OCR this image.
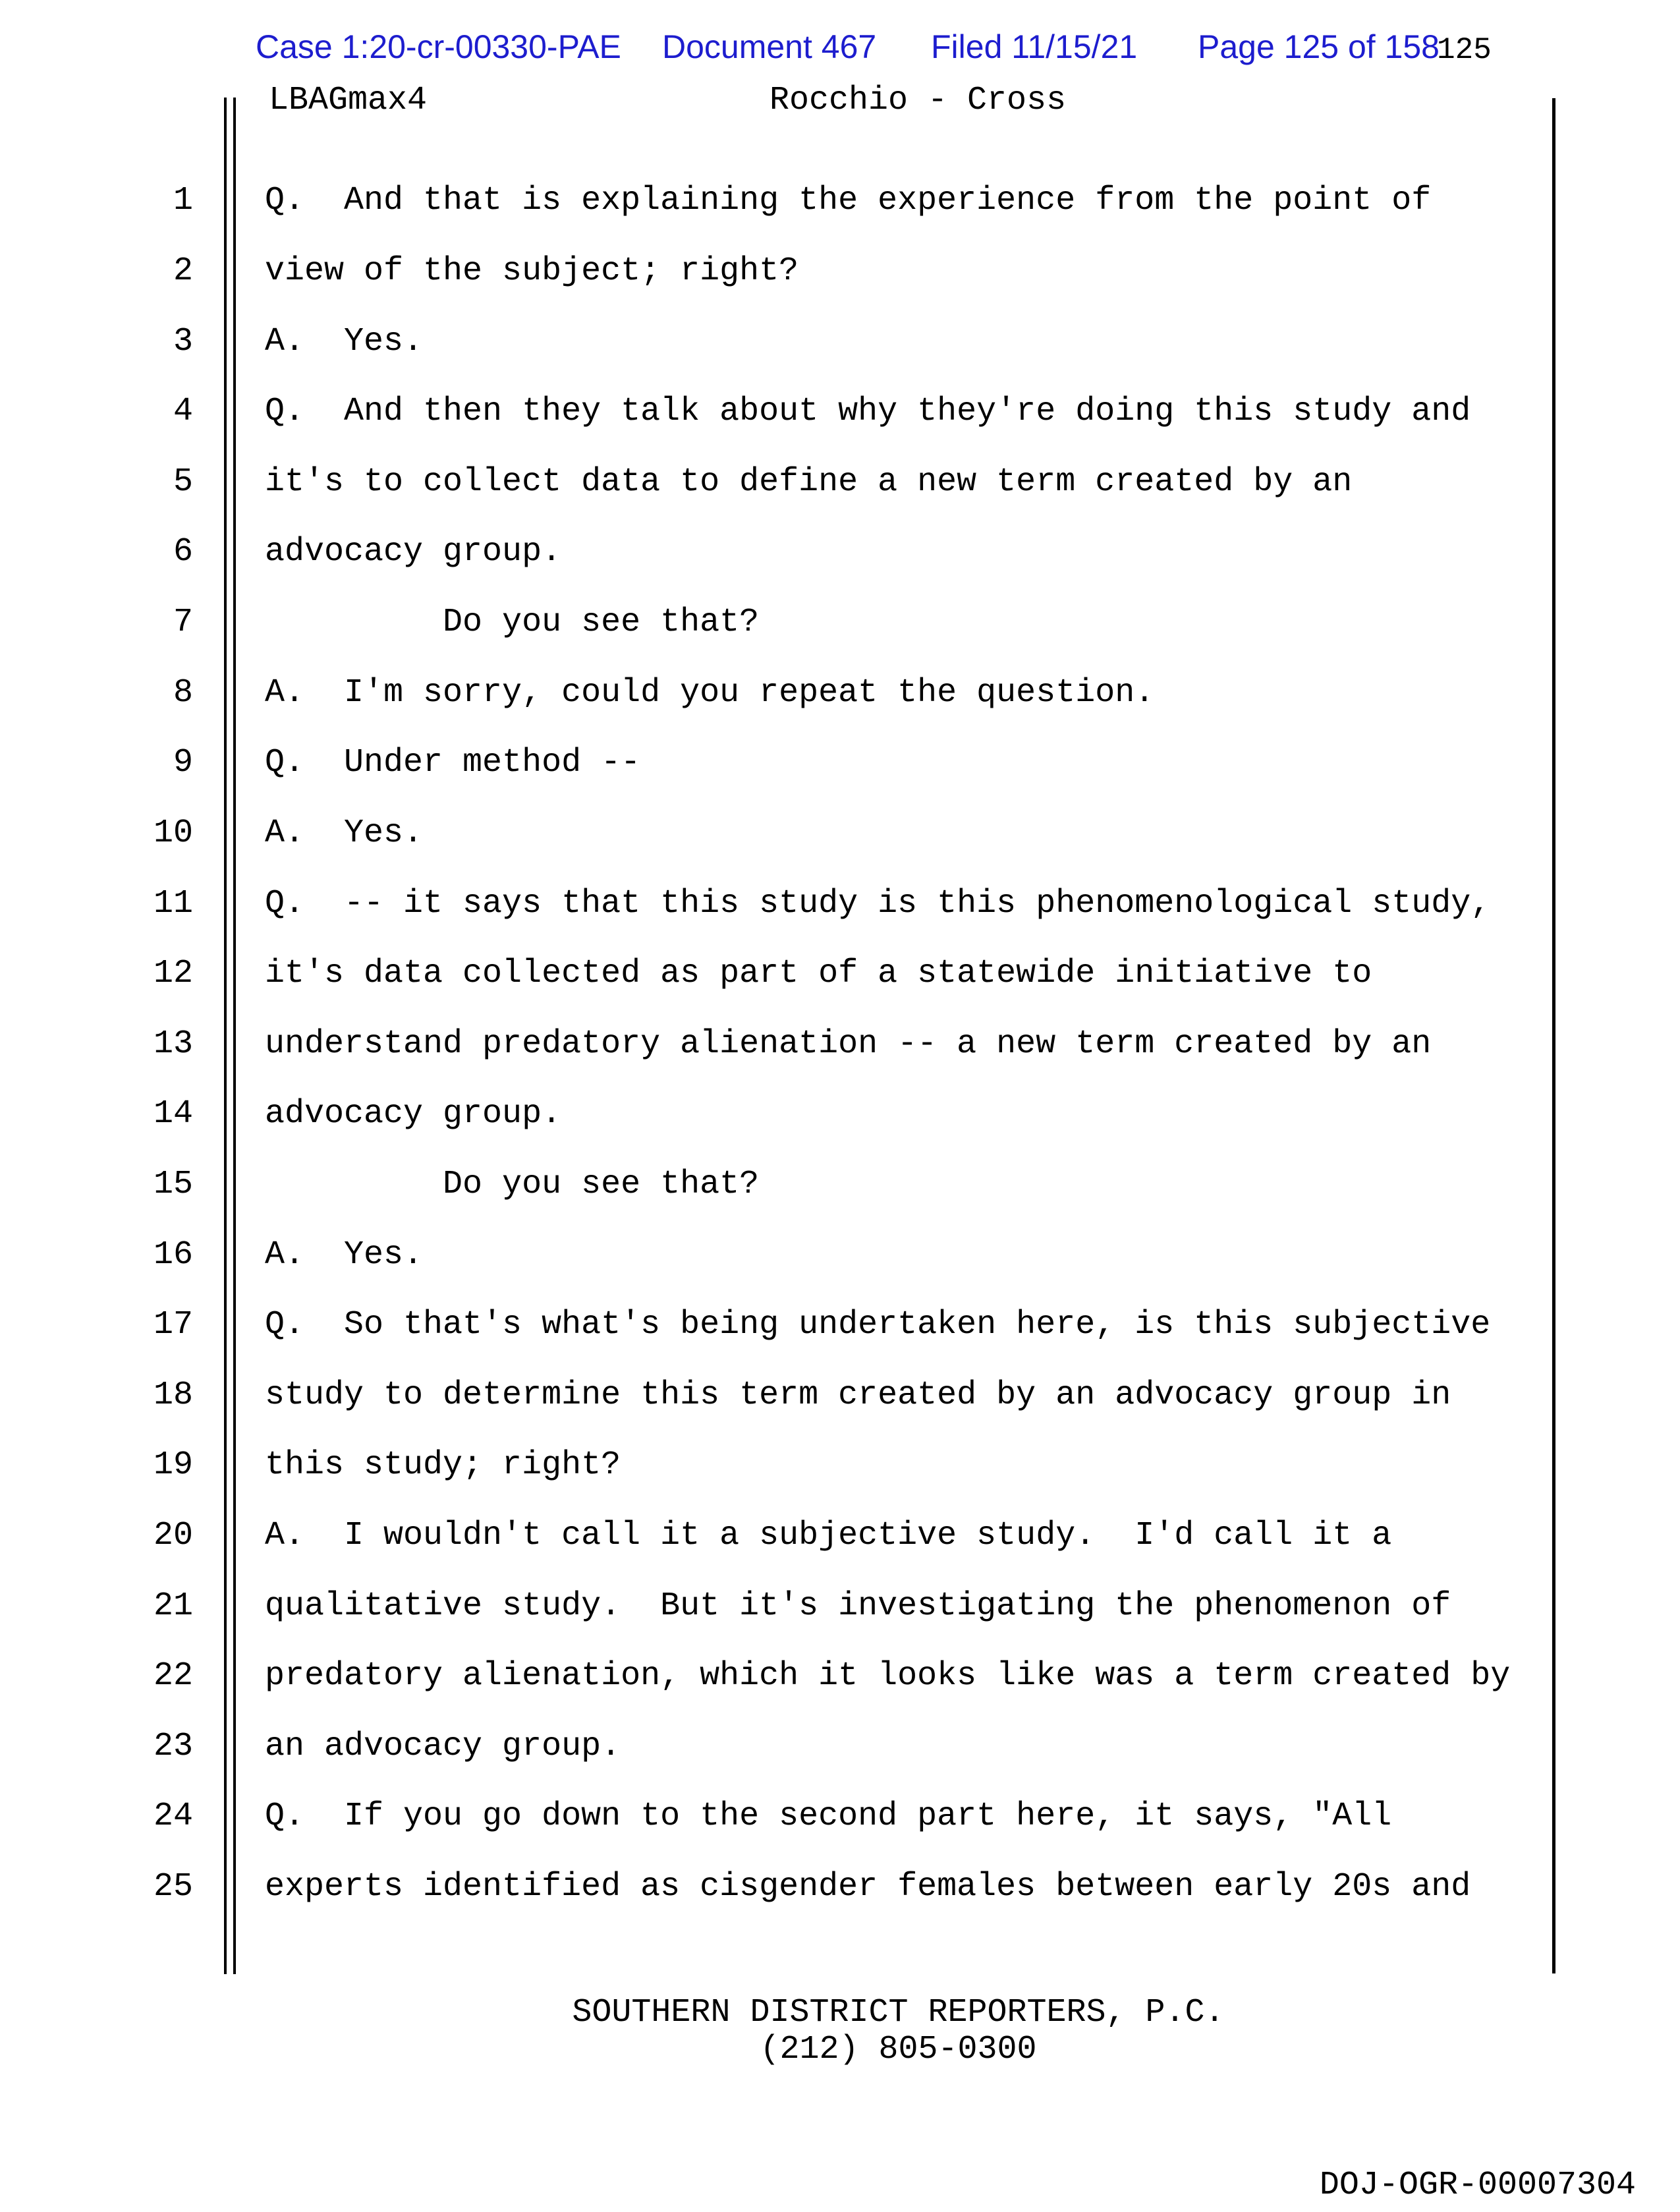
Case 1:20-cr-00330-PAE Document 467 Filed 11/15/21 Page 125 of 158
125
LBAGmax4	Rocchio - Cross
1 Q.  And that is explaining the experience from the point of
2 view of the subject; right?
3 A.  Yes.
4 Q.  And then they talk about why they're doing this study and
5 it's to collect data to define a new term created by an
6 advocacy group.
7 Do you see that?
8 A.  I'm sorry, could you repeat the question.
9 Q.  Under method --
10 A.  Yes.
11 Q.  -- it says that this study is this phenomenological study,
12 it's data collected as part of a statewide initiative to
13 understand predatory alienation -- a new term created by an
14 advocacy group.
15 Do you see that?
16 A.  Yes.
17 Q.  So that's what's being undertaken here, is this subjective
18 study to determine this term created by an advocacy group in
19 this study; right?
20 A.  I wouldn't call it a subjective study.  I'd call it a
21 qualitative study.  But it's investigating the phenomenon of
22 predatory alienation, which it looks like was a term created by
23 an advocacy group.
24 Q.  If you go down to the second part here, it says, "All
25 experts identified as cisgender females between early 20s and
SOUTHERN DISTRICT REPORTERS, P.C.
(212) 805-0300
DOJ-OGR-00007304
